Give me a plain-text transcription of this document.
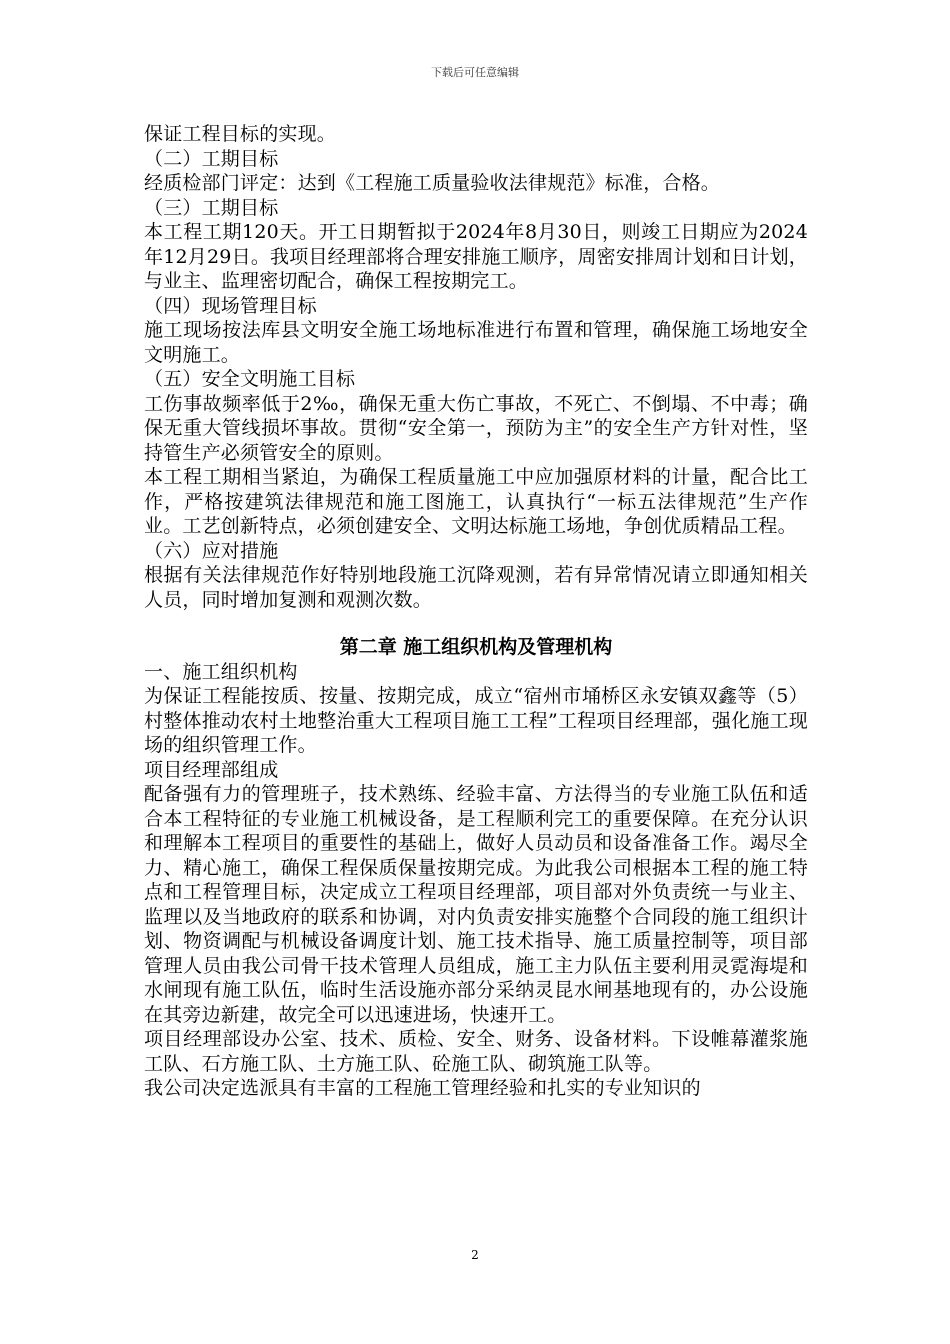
下载后可任意编辑

保证工程目标的实现。

（二）工期目标

经质检部门评定：达到《工程施工质量验收法律规范》标准，合格。

（三）工期目标

本工程工期120天。开工日期暂拟于2024年8月30日，则竣工日期应为2024年12月29日。我项目经理部将合理安排施工顺序，周密安排周计划和日计划，与业主、监理密切配合，确保工程按期完工。

（四）现场管理目标

施工现场按法库县文明安全施工场地标准进行布置和管理，确保施工场地安全文明施工。

（五）安全文明施工目标

工伤事故频率低于2‰，确保无重大伤亡事故，不死亡、不倒塌、不中毒；确保无重大管线损坏事故。贯彻“安全第一，预防为主”的安全生产方针对性，坚持管生产必须管安全的原则。

本工程工期相当紧迫，为确保工程质量施工中应加强原材料的计量，配合比工作，严格按建筑法律规范和施工图施工，认真执行“一标五法律规范”生产作业。工艺创新特点，必须创建安全、文明达标施工场地，争创优质精品工程。

（六）应对措施

根据有关法律规范作好特别地段施工沉降观测，若有异常情况请立即通知相关人员，同时增加复测和观测次数。

第二章 施工组织机构及管理机构

一、施工组织机构

为保证工程能按质、按量、按期完成，成立“宿州市埇桥区永安镇双鑫等（5）村整体推动农村土地整治重大工程项目施工工程”工程项目经理部，强化施工现场的组织管理工作。

项目经理部组成

配备强有力的管理班子，技术熟练、经验丰富、方法得当的专业施工队伍和适合本工程特征的专业施工机械设备，是工程顺利完工的重要保障。在充分认识和理解本工程项目的重要性的基础上，做好人员动员和设备准备工作。竭尽全力、精心施工，确保工程保质保量按期完成。为此我公司根据本工程的施工特点和工程管理目标，决定成立工程项目经理部，项目部对外负责统一与业主、监理以及当地政府的联系和协调，对内负责安排实施整个合同段的施工组织计划、物资调配与机械设备调度计划、施工技术指导、施工质量控制等，项目部管理人员由我公司骨干技术管理人员组成，施工主力队伍主要利用灵霓海堤和水闸现有施工队伍，临时生活设施亦部分采纳灵昆水闸基地现有的，办公设施在其旁边新建，故完全可以迅速进场，快速开工。

项目经理部设办公室、技术、质检、安全、财务、设备材料。下设帷幕灌浆施工队、石方施工队、土方施工队、砼施工队、砌筑施工队等。

我公司决定选派具有丰富的工程施工管理经验和扎实的专业知识的

2
